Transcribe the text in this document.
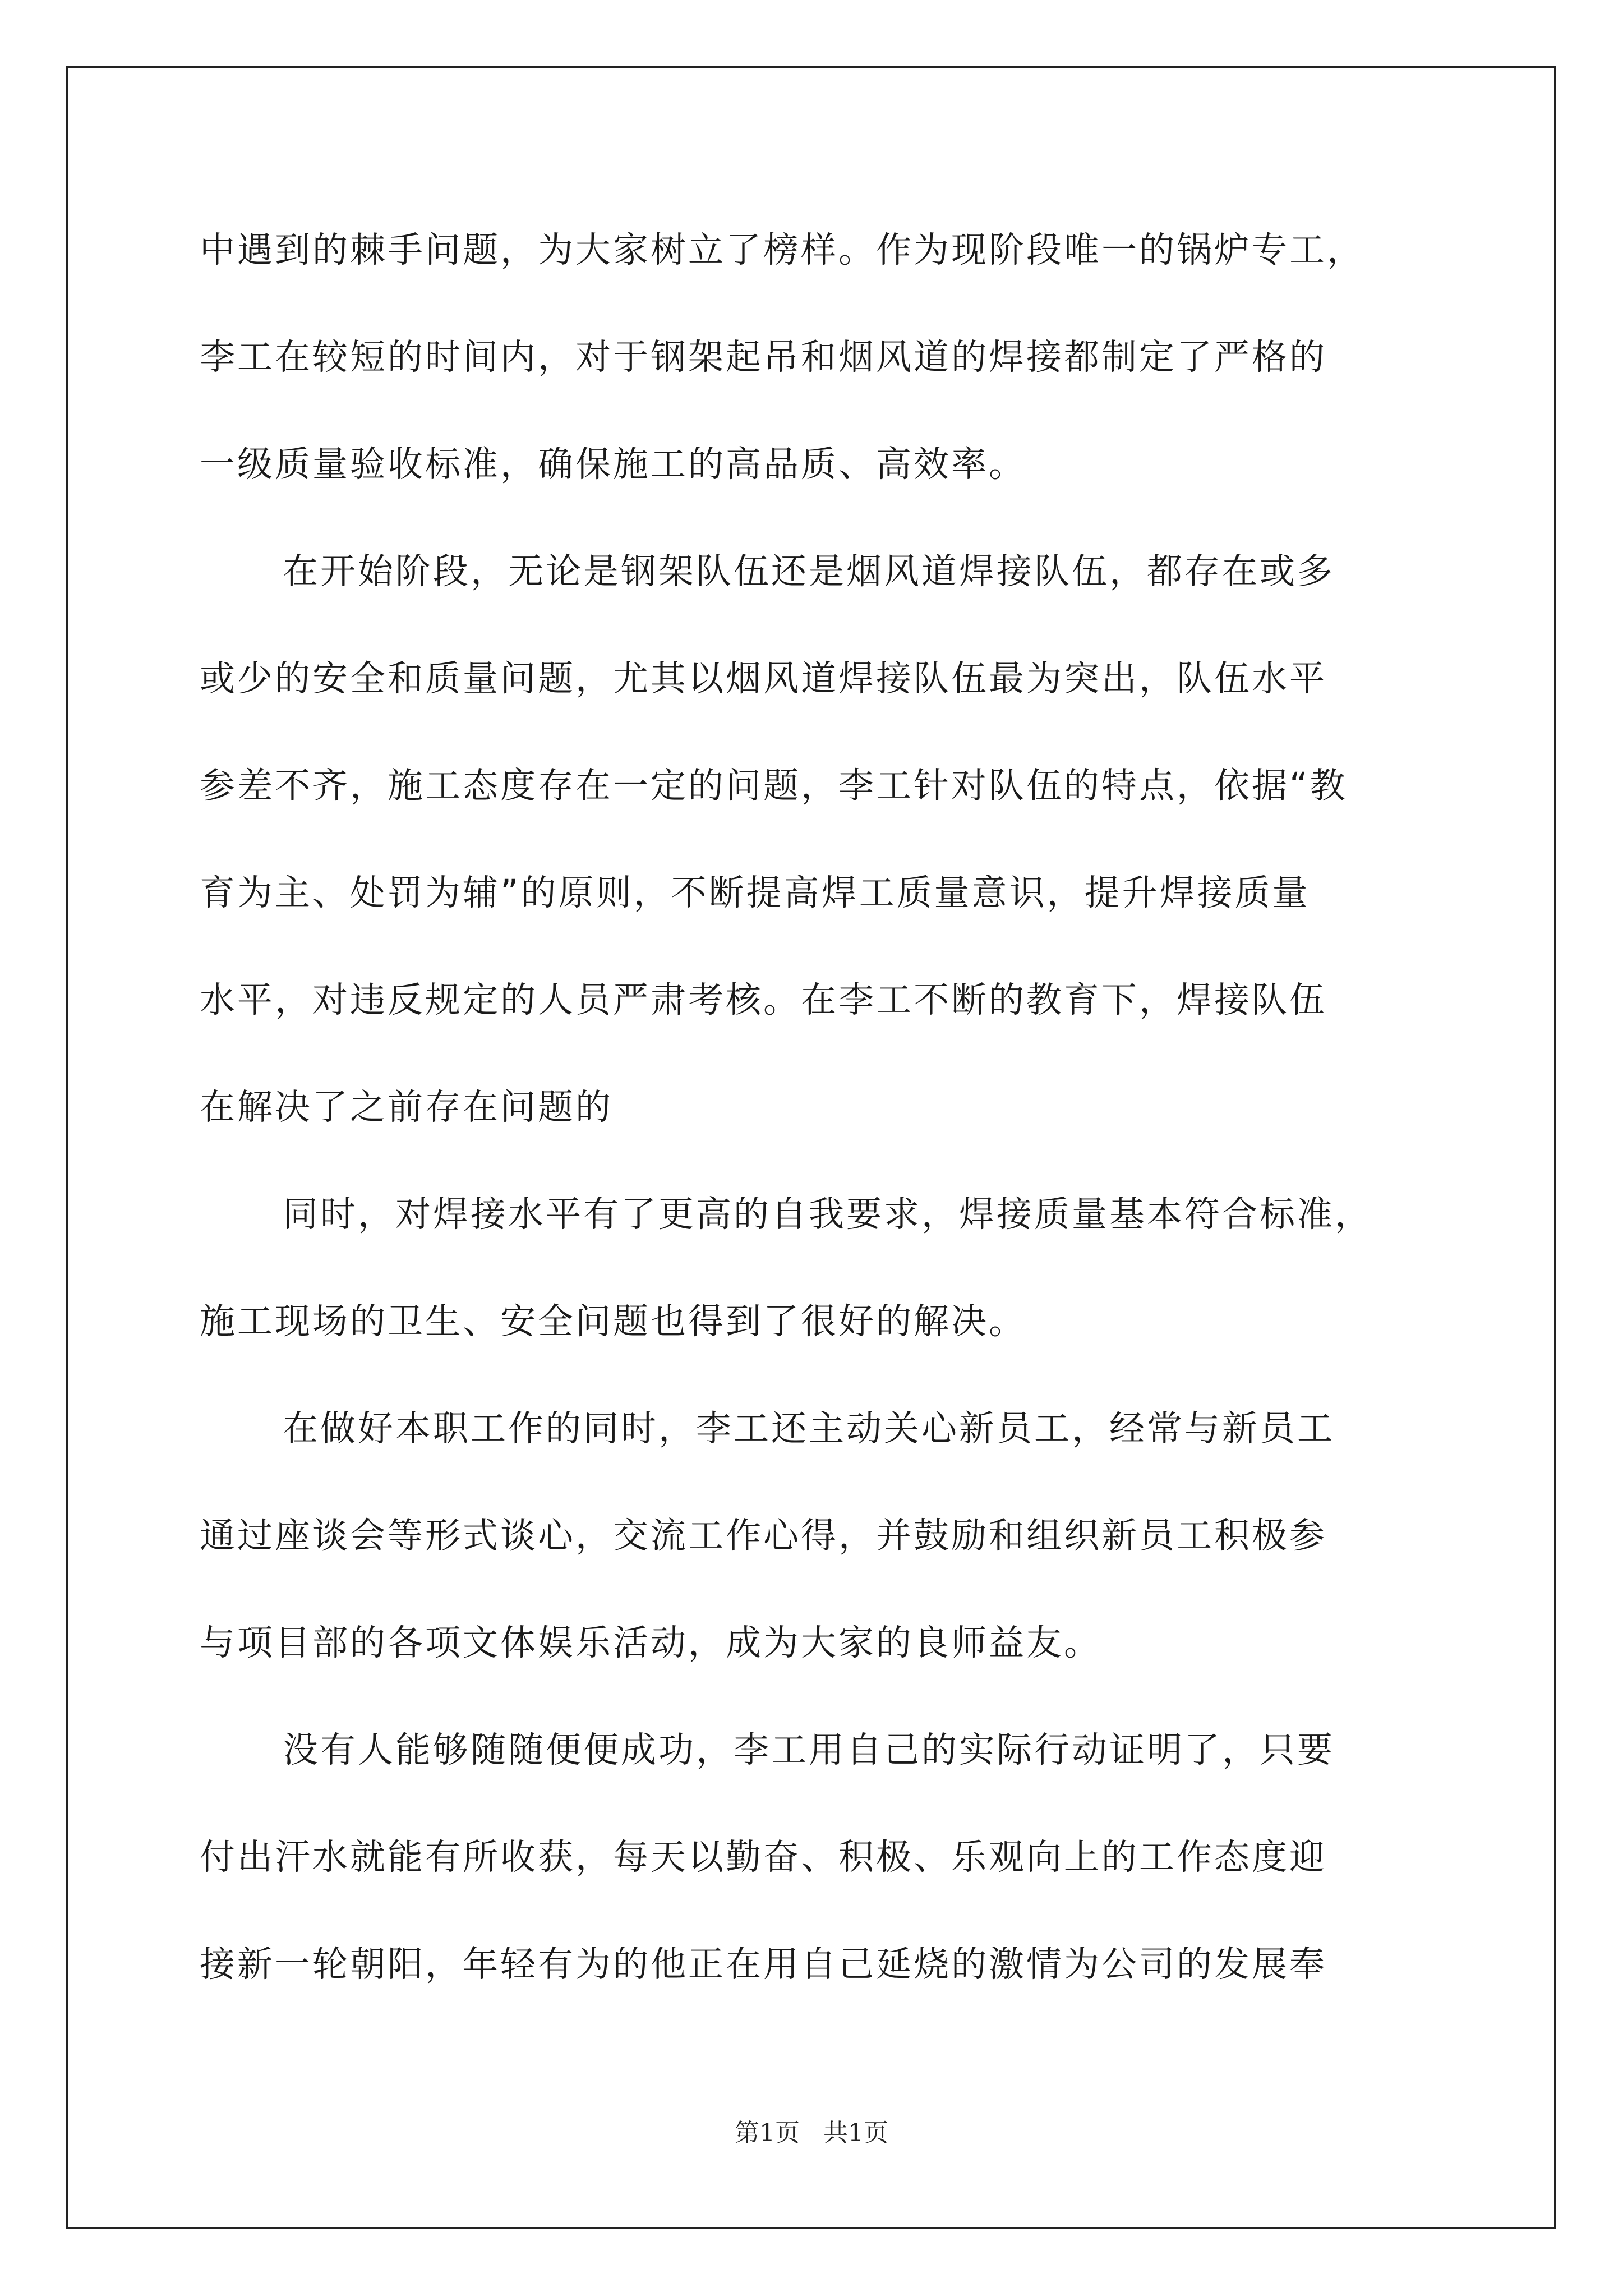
中遇到的棘手问题，为大家树立了榜样。作为现阶段唯一的锅炉专工，
李工在较短的时间内，对于钢架起吊和烟风道的焊接都制定了严格的
一级质量验收标准，确保施工的高品质、高效率。
在开始阶段，无论是钢架队伍还是烟风道焊接队伍，都存在或多
或少的安全和质量问题，尤其以烟风道焊接队伍最为突出，队伍水平
参差不齐，施工态度存在一定的问题，李工针对队伍的特点，依据“教
育为主、处罚为辅”的原则，不断提高焊工质量意识，提升焊接质量
水平，对违反规定的人员严肃考核。在李工不断的教育下，焊接队伍
在解决了之前存在问题的
同时，对焊接水平有了更高的自我要求，焊接质量基本符合标准，
施工现场的卫生、安全问题也得到了很好的解决。
在做好本职工作的同时，李工还主动关心新员工，经常与新员工
通过座谈会等形式谈心，交流工作心得，并鼓励和组织新员工积极参
与项目部的各项文体娱乐活动，成为大家的良师益友。
没有人能够随随便便成功，李工用自己的实际行动证明了，只要
付出汗水就能有所收获，每天以勤奋、积极、乐观向上的工作态度迎
接新一轮朝阳，年轻有为的他正在用自己延烧的激情为公司的发展奉
第1页   共1页
